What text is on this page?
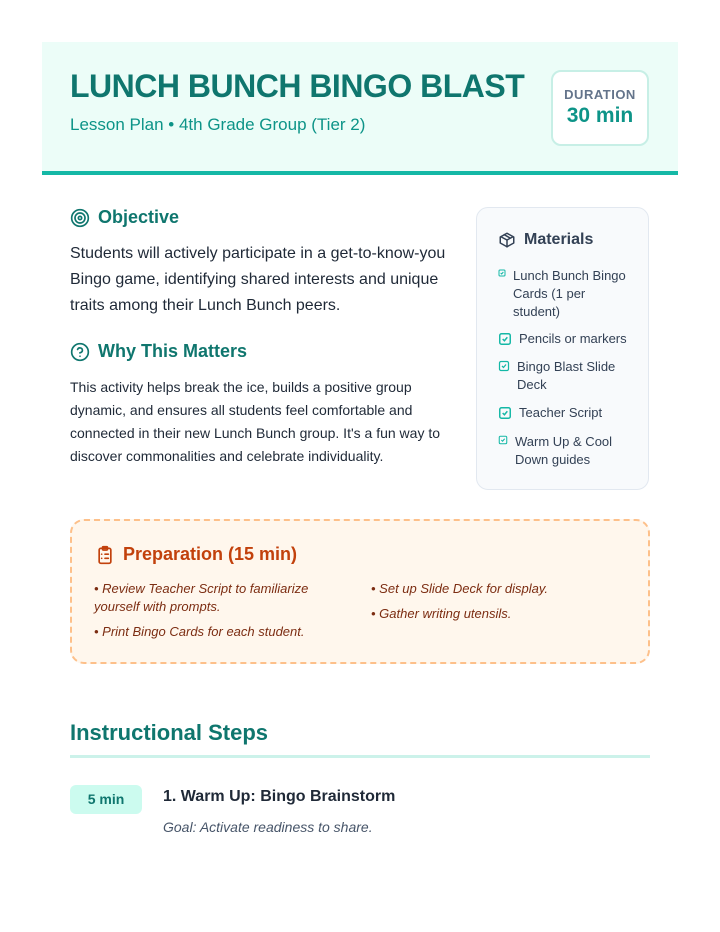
LUNCH BUNCH BINGO BLAST
Lesson Plan • 4th Grade Group (Tier 2)
DURATION
30 min
Objective
Students will actively participate in a get-to-know-you Bingo game, identifying shared interests and unique traits among their Lunch Bunch peers.
Why This Matters
This activity helps break the ice, builds a positive group dynamic, and ensures all students feel comfortable and connected in their new Lunch Bunch group. It's a fun way to discover commonalities and celebrate individuality.
Materials
Lunch Bunch Bingo Cards (1 per student)
Pencils or markers
Bingo Blast Slide Deck
Teacher Script
Warm Up & Cool Down guides
Preparation (15 min)
• Review Teacher Script to familiarize yourself with prompts.
• Print Bingo Cards for each student.
• Set up Slide Deck for display.
• Gather writing utensils.
Instructional Steps
5 min	1. Warm Up: Bingo Brainstorm
Goal: Activate readiness to share.
